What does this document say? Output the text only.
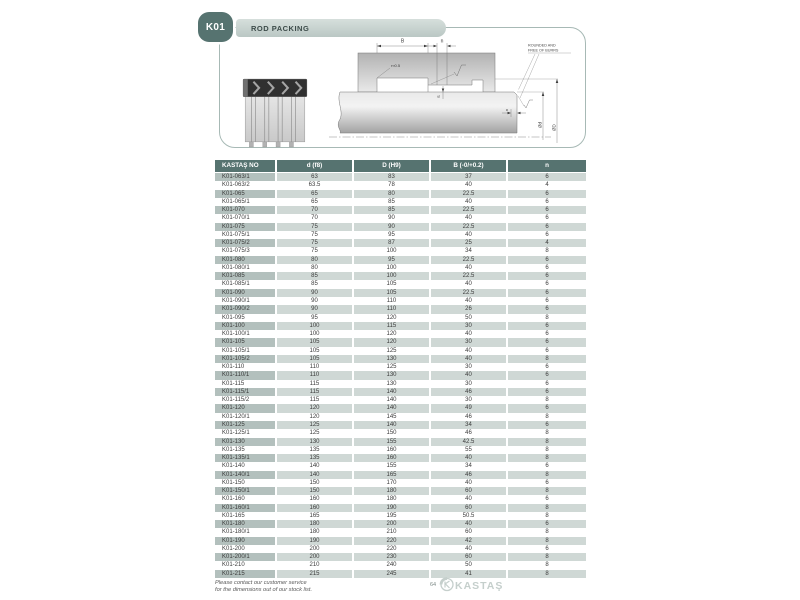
K01	ROD PACKING
B	n
r≈0.5
S
n
Ød ØD
ROUNDED AND
FREE OF BURRS
KASTAŞ NO	d (f8)	D (H9)	B (-0/+0.2)	n
K01-063/1	63	83	37	6
K01-063/2	63.5	78	40	4
K01-065	65	80	22.5	6
K01-065/1	65	85	40	6
K01-070	70	85	22.5	6
K01-070/1	70	90	40	6
K01-075	75	90	22.5	6
K01-075/1	75	95	40	6
K01-075/2	75	87	25	4
K01-075/3	75	100	34	8
K01-080	80	95	22.5	6
K01-080/1	80	100	40	6
K01-085	85	100	22.5	6
K01-085/1	85	105	40	6
K01-090	90	105	22.5	6
K01-090/1	90	110	40	6
K01-090/2	90	110	26	6
K01-095	95	120	50	8
K01-100	100	115	30	6
K01-100/1	100	120	40	6
K01-105	105	120	30	6
K01-105/1	105	125	40	6
K01-105/2	105	130	40	8
K01-110	110	125	30	6
K01-110/1	110	130	40	6
K01-115	115	130	30	6
K01-115/1	115	140	46	6
K01-115/2	115	140	30	8
K01-120	120	140	49	6
K01-120/1	120	145	46	8
K01-125	125	140	34	6
K01-125/1	125	150	46	8
K01-130	130	155	42.5	8
K01-135	135	160	55	8
K01-135/1	135	160	40	8
K01-140	140	155	34	6
K01-140/1	140	165	46	8
K01-150	150	170	40	6
K01-150/1	150	180	60	8
K01-160	160	180	40	6
K01-160/1	160	190	60	8
K01-165	165	195	50.5	8
K01-180	180	200	40	6
K01-180/1	180	210	60	8
K01-190	190	220	42	8
K01-200	200	220	40	6
K01-200/1	200	230	60	8
K01-210	210	240	50	8
K01-215	215	245	41	8
Please contact our customer service
for the dimensions out of our stock list.
64 KASTAŞ
